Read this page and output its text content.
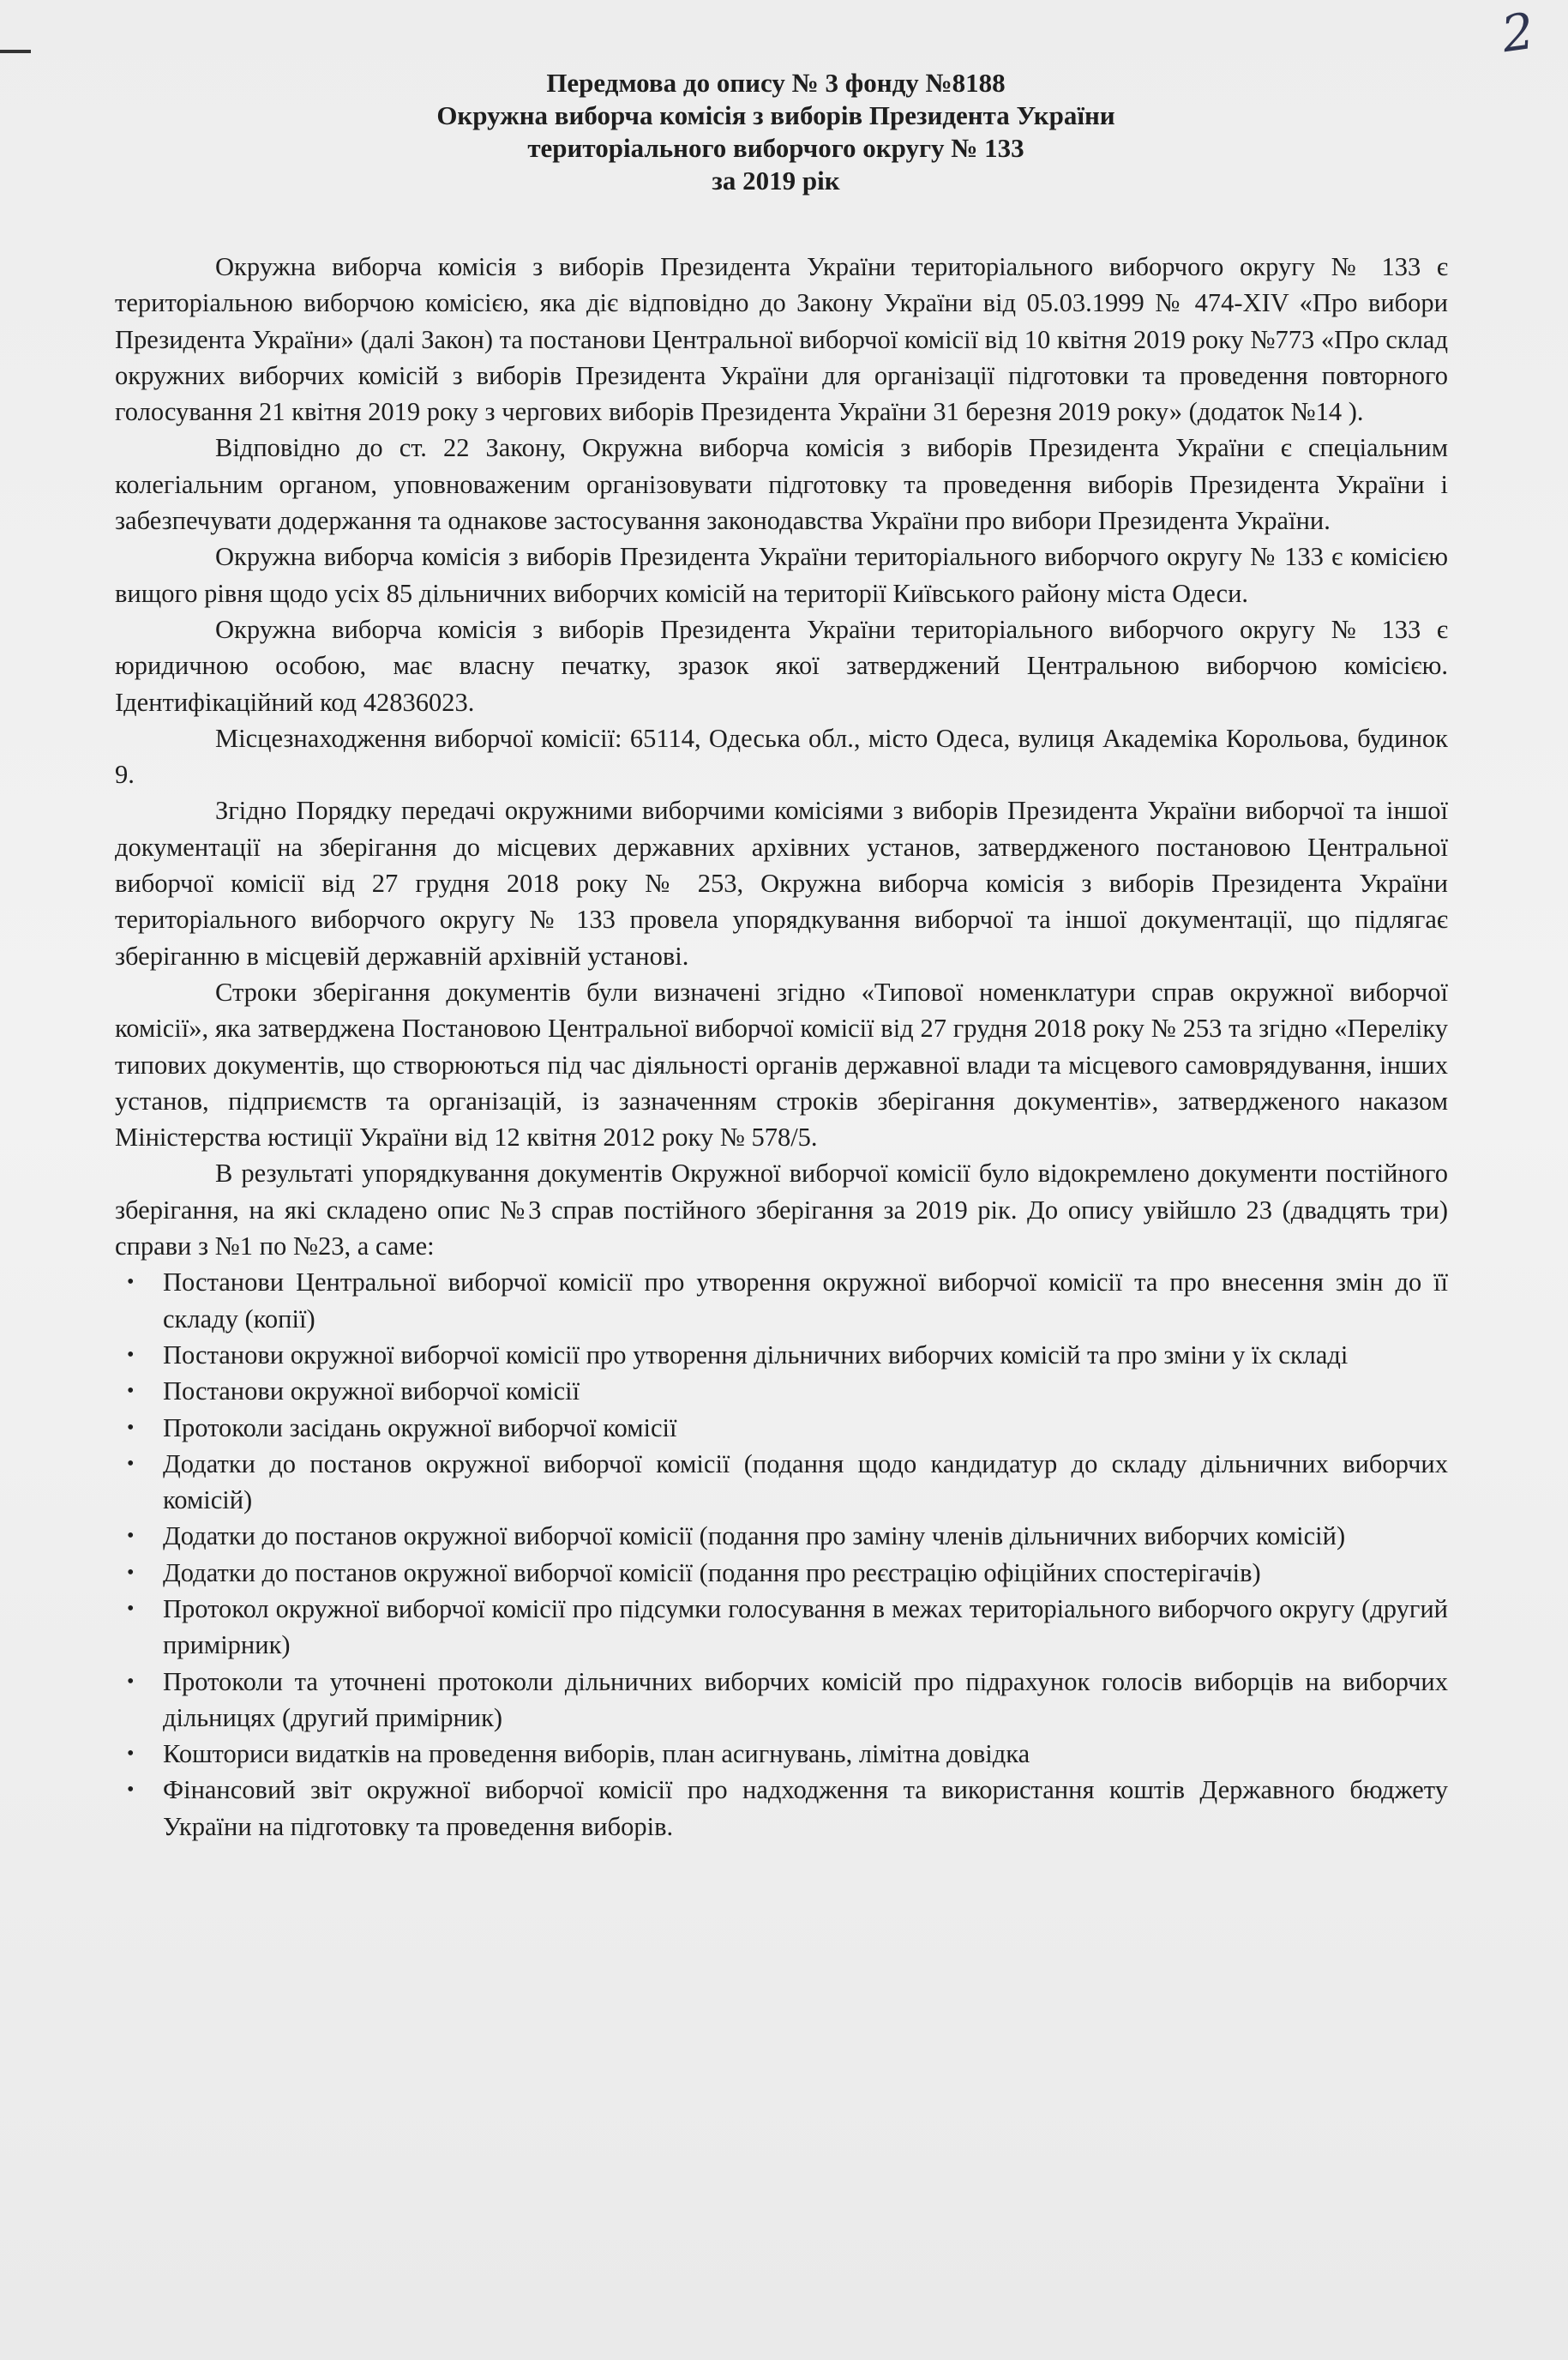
2

Передмова до опису № 3 фонду №8188

Окружна виборча комісія з виборів Президента України

територіального виборчого округу № 133

за 2019 рік

Окружна виборча комісія з виборів Президента України територіального виборчого округу № 133 є територіальною виборчою комісією, яка діє відповідно до Закону України від 05.03.1999 № 474-XIV «Про вибори Президента України» (далі Закон) та постанови Центральної виборчої комісії від 10 квітня 2019 року №773 «Про склад окружних виборчих комісій з виборів Президента України для організації підготовки та проведення повторного голосування 21 квітня 2019 року з чергових виборів Президента України 31 березня 2019 року» (додаток №14 ).

Відповідно до ст. 22 Закону, Окружна виборча комісія з виборів Президента України є спеціальним колегіальним органом, уповноваженим організовувати підготовку та проведення виборів Президента України і забезпечувати додержання та однакове застосування законодавства України про вибори Президента України.

Окружна виборча комісія з виборів Президента України територіального виборчого округу № 133 є комісією вищого рівня щодо усіх 85 дільничних виборчих комісій на території Київського району міста Одеси.

Окружна виборча комісія з виборів Президента України територіального виборчого округу № 133 є юридичною особою, має власну печатку, зразок якої затверджений Центральною виборчою комісією. Ідентифікаційний код 42836023.

Місцезнаходження виборчої комісії: 65114, Одеська обл., місто Одеса, вулиця Академіка Корольова, будинок 9.

Згідно Порядку передачі окружними виборчими комісіями з виборів Президента України виборчої та іншої документації на зберігання до місцевих державних архівних установ, затвердженого постановою Центральної виборчої комісії від 27 грудня 2018 року № 253, Окружна виборча комісія з виборів Президента України територіального виборчого округу № 133 провела упорядкування виборчої та іншої документації, що підлягає зберіганню в місцевій державній архівній установі.

Строки зберігання документів були визначені згідно «Типової номенклатури справ окружної виборчої комісії», яка затверджена Постановою Центральної виборчої комісії від 27 грудня 2018 року № 253 та згідно «Переліку типових документів, що створюються під час діяльності органів державної влади та місцевого самоврядування, інших установ, підприємств та організацій, із зазначенням строків зберігання документів», затвердженого наказом Міністерства юстиції України від 12 квітня 2012 року № 578/5.

В результаті упорядкування документів Окружної виборчої комісії було відокремлено документи постійного зберігання, на які складено опис №3 справ постійного зберігання за 2019 рік. До опису увійшло 23 (двадцять три) справи з №1 по №23, а саме:

• Постанови Центральної виборчої комісії про утворення окружної виборчої комісії та про внесення змін до її складу (копії)
• Постанови окружної виборчої комісії про утворення дільничних виборчих комісій та про зміни у їх складі
• Постанови окружної виборчої комісії
• Протоколи засідань окружної виборчої комісії
• Додатки до постанов окружної виборчої комісії (подання щодо кандидатур до складу дільничних виборчих комісій)
• Додатки до постанов окружної виборчої комісії (подання про заміну членів дільничних виборчих комісій)
• Додатки до постанов окружної виборчої комісії (подання про реєстрацію офіційних спостерігачів)
• Протокол окружної виборчої комісії про підсумки голосування в межах територіального виборчого округу (другий примірник)
• Протоколи та уточнені протоколи дільничних виборчих комісій про підрахунок голосів виборців на виборчих дільницях (другий примірник)
• Кошториси видатків на проведення виборів, план асигнувань, лімітна довідка
• Фінансовий звіт окружної виборчої комісії про надходження та використання коштів Державного бюджету України на підготовку та проведення виборів.
